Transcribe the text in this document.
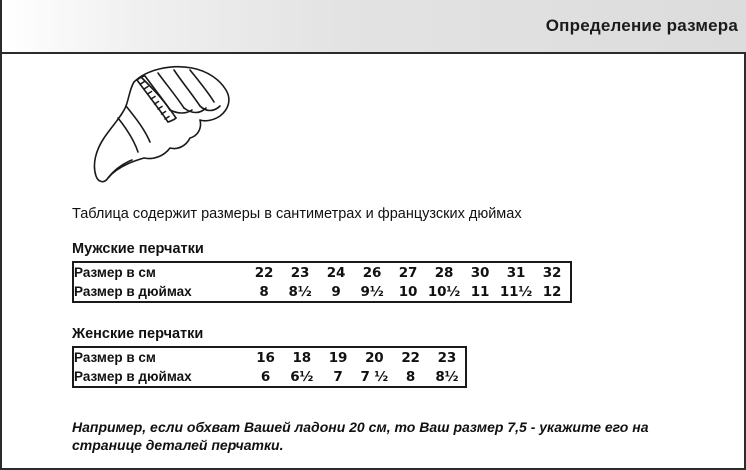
Определение размера
Таблица содержит размеры в сантиметрах и французских дюймах
Мужские перчатки
Размер в см	22	23	24	26	27	28	30	31	32
Размер в дюймах	8	8½	9	9½	10	10½	11	11½	12
Женские перчатки
Размер в см	16	18	19	20	22	23
Размер в дюймах	6	6½	7	7 ½	8	8½
Например, если обхват Вашей ладони 20 см, то Ваш размер 7,5 - укажите его на странице деталей перчатки.
